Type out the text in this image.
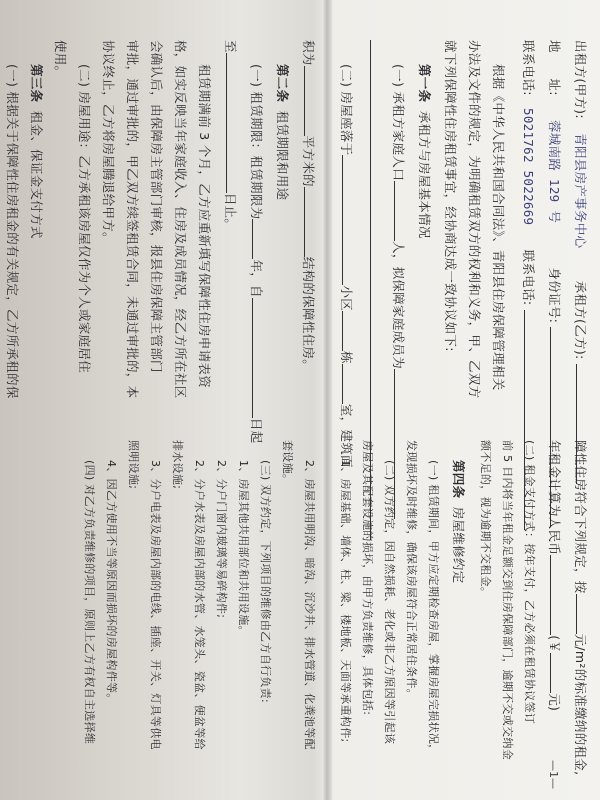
出租方(甲方): 青阳县房产事务中心 承租方(乙方):
地　　址: 蓉城南路 129 号 身份证号:
联系电话: 5021762 5022669 联系电话:
根据《中华人民共和国合同法》、青阳县住房保障管理相关
办法及文件的规定，为明确租赁双方的权利和义务，甲、乙双方
就下列保障性住房租赁事宜，经协商达成一致协议如下:
第一条 承租方与房屋基本情况
(一) 承租方家庭人口人，拟保障家庭成员为
(二) 房屋座落于小区栋室，建筑面
积为平方米的结构的保障性住房。
第二条 租赁期限和用途
(一) 租赁期限：租赁期限为年，自日起
至日止。
租赁期满前 3 个月，乙方应重新填写保障性住房申请表资
格，如实反映当年家庭收入、住房及成员情况，经乙方所在社区
会确认后，由保障房主管部门审核，报县住房保障主管部门
审批，通过审批的，甲乙双方续签租赁合同，未通过审批的，本
协议终止，乙方将房屋腾退给甲方。
(二) 房屋用途：乙方承租该房屋仅作为个人或家庭居住
使用。
第三条 租金、保证金支付方式
(一) 根据关于保障性住房租金的有关规定，乙方所承租的保
障性住房符合下列规定，按元/m²的标准缴纳的租金,
年租金计算为人民币(￥元)
(二) 租金支付方式：按年支付，乙方必须在租赁协议签订
前 5 日内将当年租金足额交到住房保障部门，逾期不交或交纳金
额不足的，视为逾期不交租金。
第四条 房屋维修约定
(一) 租赁期间，甲方应定期检查房屋，掌握房屋完损状况，
发现损坏及时维修，确保该房屋符合正常居住条件。
(二) 双方约定，因自然损耗、老化或非乙方原因等引起该
房屋及其配套设施的损坏，由甲方负责维修，具体包括:
1、房屋基础、墙体、柱、梁、楼地板、天面等承重构件;
2、房屋共用明沟、暗沟、沉沙井、排水管道、化粪池等配
套设施。
(三) 双方约定，下列项目的维修由乙方自行负责:
1、房屋其他共用部位和共用设施。
2、分户门窗内玻璃等易碎构件;
2、分户水表及房屋内部的水管、水笼头、瓷盆、便盆等给
排水设施;
3、分户电表及房屋内部的电线、插座、开关、灯具等供电
照明设施;
4、因乙方使用不当等原因而损坏的房屋构件等。
(四) 对乙方负责维修的项目，原则上乙方有权自主选择维
—1—
